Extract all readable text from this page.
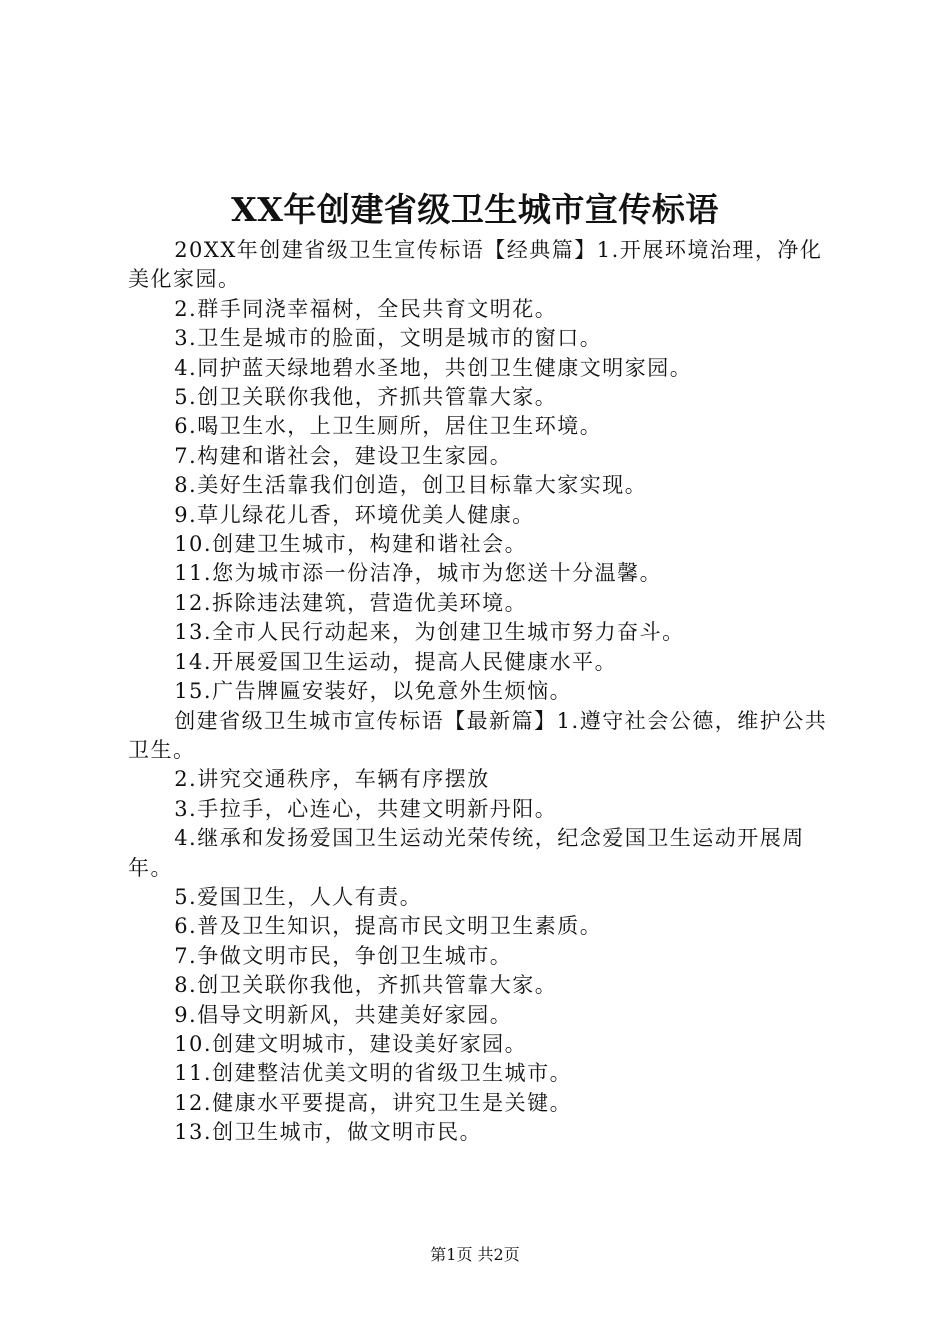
XX年创建省级卫生城市宣传标语

20XX年创建省级卫生宣传标语【经典篇】1.开展环境治理，净化美化家园。

2.群手同浇幸福树，全民共育文明花。

3.卫生是城市的脸面，文明是城市的窗口。

4.同护蓝天绿地碧水圣地，共创卫生健康文明家园。

5.创卫关联你我他，齐抓共管靠大家。

6.喝卫生水，上卫生厕所，居住卫生环境。

7.构建和谐社会，建设卫生家园。

8.美好生活靠我们创造，创卫目标靠大家实现。

9.草儿绿花儿香，环境优美人健康。

10.创建卫生城市，构建和谐社会。

11.您为城市添一份洁净，城市为您送十分温馨。

12.拆除违法建筑，营造优美环境。

13.全市人民行动起来，为创建卫生城市努力奋斗。

14.开展爱国卫生运动，提高人民健康水平。

15.广告牌匾安装好，以免意外生烦恼。

创建省级卫生城市宣传标语【最新篇】1.遵守社会公德，维护公共卫生。

2.讲究交通秩序，车辆有序摆放

3.手拉手，心连心，共建文明新丹阳。

4.继承和发扬爱国卫生运动光荣传统，纪念爱国卫生运动开展周年。

5.爱国卫生，人人有责。

6.普及卫生知识，提高市民文明卫生素质。

7.争做文明市民，争创卫生城市。

8.创卫关联你我他，齐抓共管靠大家。

9.倡导文明新风，共建美好家园。

10.创建文明城市，建设美好家园。

11.创建整洁优美文明的省级卫生城市。

12.健康水平要提高，讲究卫生是关键。

13.创卫生城市，做文明市民。

第1页 共2页
